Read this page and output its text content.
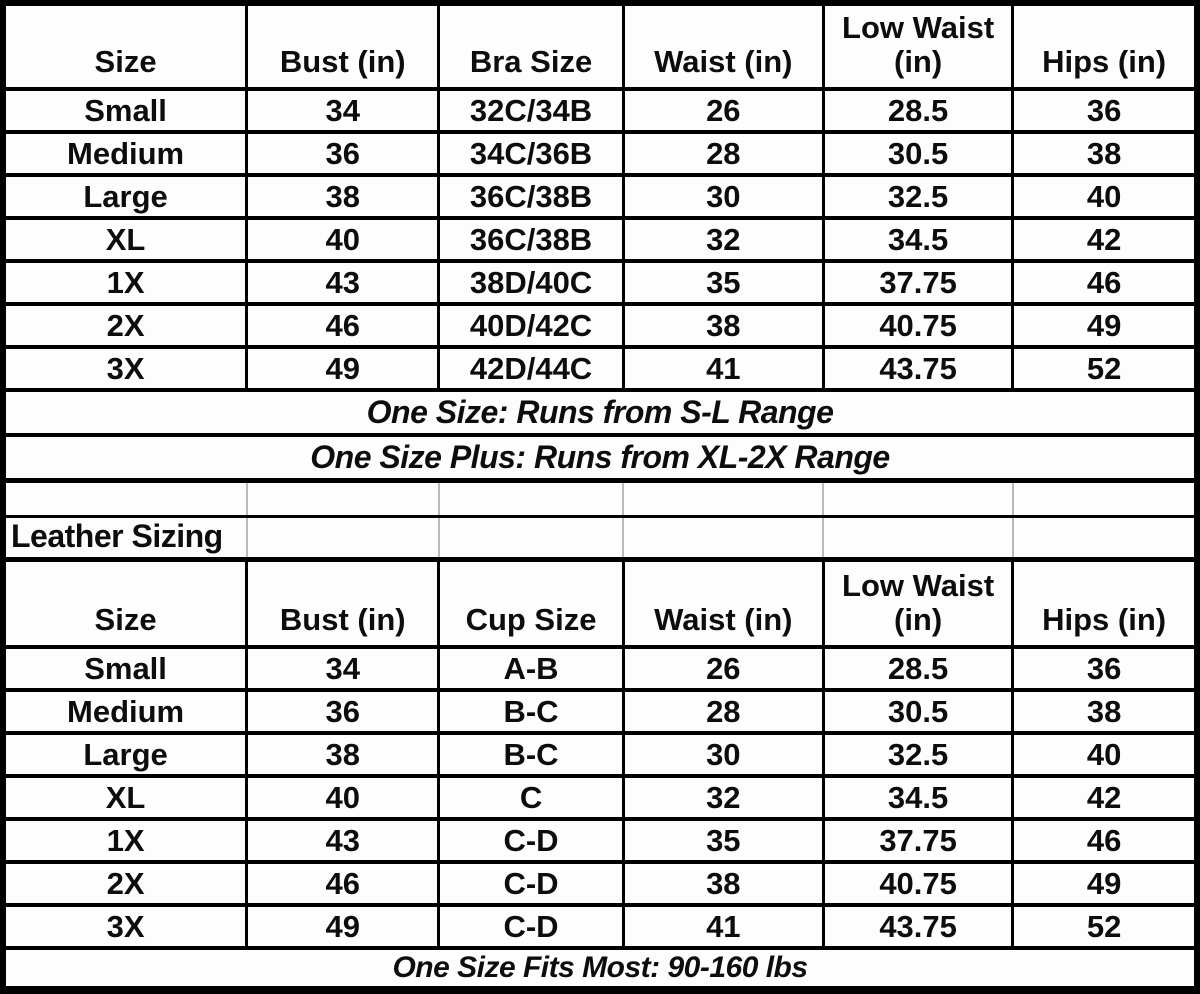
Size	Bust (in)	Bra Size	Waist (in)	Low Waist (in)	Hips (in)
Small	34	32C/34B	26	28.5	36
Medium	36	34C/36B	28	30.5	38
Large	38	36C/38B	30	32.5	40
XL	40	36C/38B	32	34.5	42
1X	43	38D/40C	35	37.75	46
2X	46	40D/42C	38	40.75	49
3X	49	42D/44C	41	43.75	52
One Size: Runs from S-L Range					
One Size Plus: Runs from XL-2X Range					

Leather Sizing					
Size	Bust (in)	Cup Size	Waist (in)	Low Waist (in)	Hips (in)
Small	34	A-B	26	28.5	36
Medium	36	B-C	28	30.5	38
Large	38	B-C	30	32.5	40
XL	40	C	32	34.5	42
1X	43	C-D	35	37.75	46
2X	46	C-D	38	40.75	49
3X	49	C-D	41	43.75	52
One Size Fits Most: 90-160 lbs					
